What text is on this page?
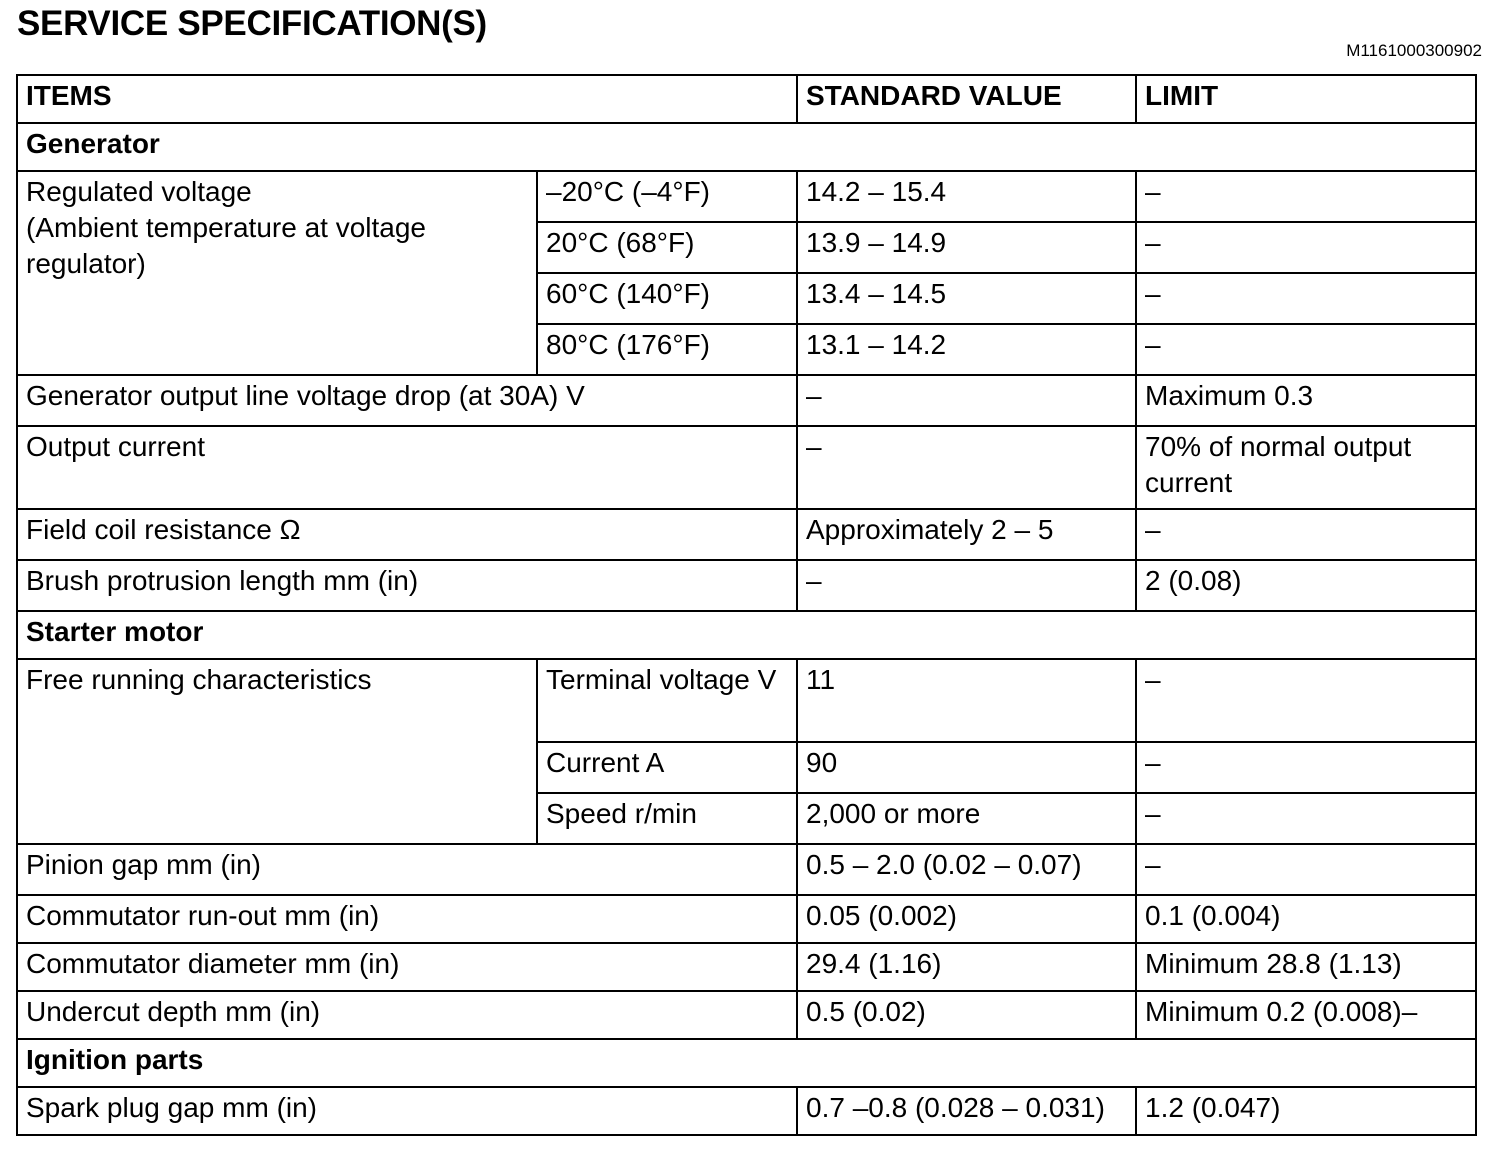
SERVICE SPECIFICATION(S)
M1161000300902
ITEMS		STANDARD VALUE	LIMIT
Generator			
Regulated voltage
(Ambient temperature at voltage regulator)	–20°C (–4°F)	14.2 – 15.4	–
	20°C (68°F)	13.9 – 14.9	–
	60°C (140°F)	13.4 – 14.5	–
	80°C (176°F)	13.1 – 14.2	–
Generator output line voltage drop (at 30A) V		–	Maximum 0.3
Output current		–	70% of normal output current
Field coil resistance Ω		Approximately 2 – 5	–
Brush protrusion length mm (in)		–	2 (0.08)
Starter motor			
Free running characteristics	Terminal voltage V	11	–
	Current A	90	–
	Speed r/min	2,000 or more	–
Pinion gap mm (in)		0.5 – 2.0 (0.02 – 0.07)	–
Commutator run-out mm (in)		0.05 (0.002)	0.1 (0.004)
Commutator diameter mm (in)		29.4 (1.16)	Minimum 28.8 (1.13)
Undercut depth mm (in)		0.5 (0.02)	Minimum 0.2 (0.008)–
Ignition parts			
Spark plug gap mm (in)		0.7 –0.8 (0.028 – 0.031)	1.2 (0.047)
